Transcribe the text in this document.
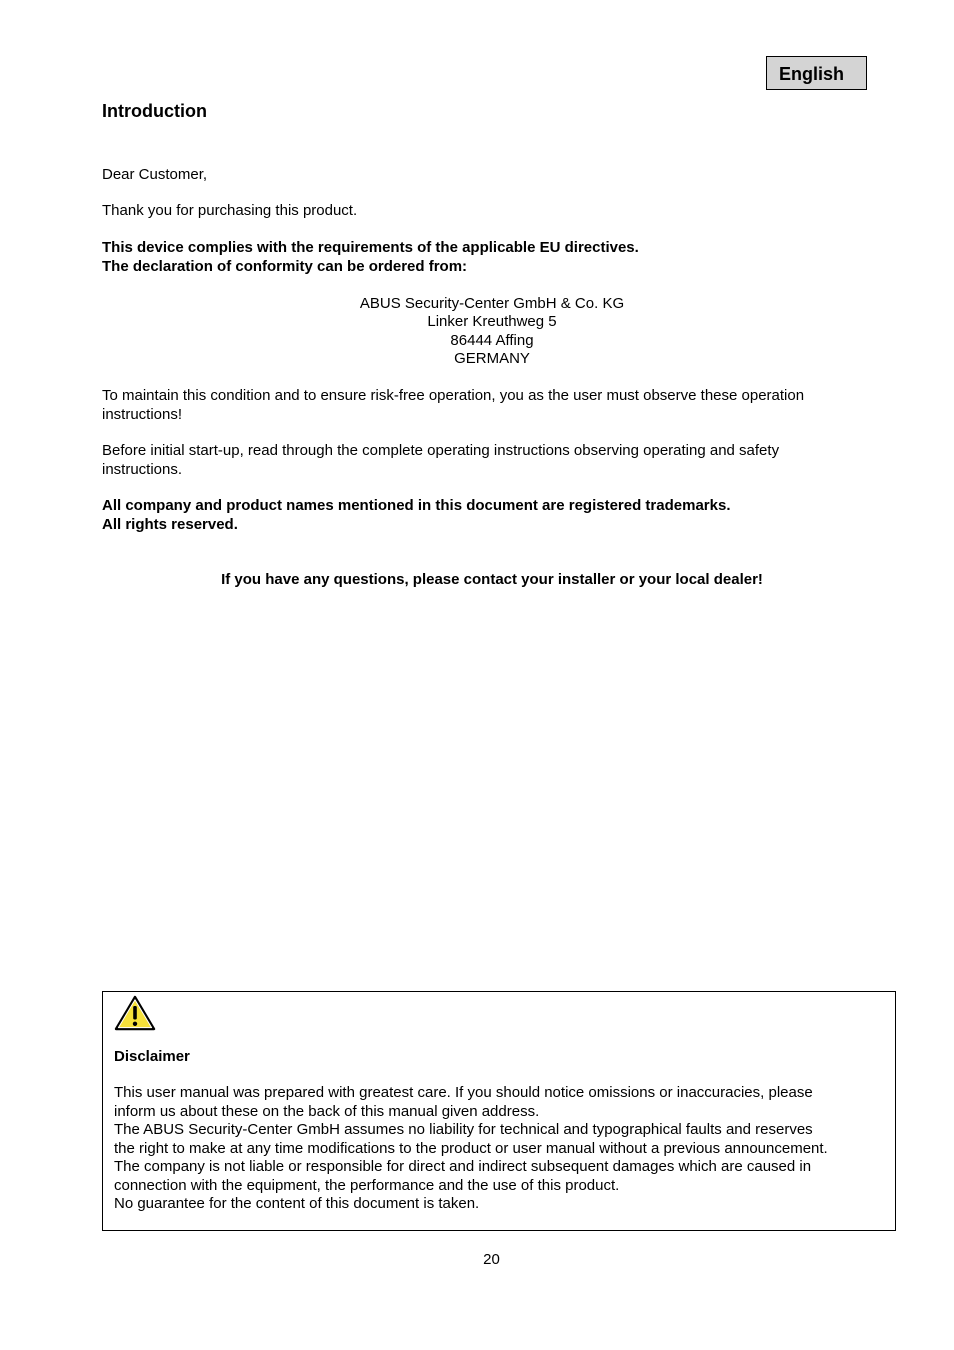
English
Introduction
Dear Customer,
Thank you for purchasing this product.
This device complies with the requirements of the applicable EU directives.
The declaration of conformity can be ordered from:
ABUS Security-Center GmbH & Co. KG
Linker Kreuthweg 5
86444 Affing
GERMANY
To maintain this condition and to ensure risk-free operation, you as the user must observe these operation
instructions!
Before initial start-up, read through the complete operating instructions observing operating and safety
instructions.
All company and product names mentioned in this document are registered trademarks.
All rights reserved.
If you have any questions, please contact your installer or your local dealer!
Disclaimer
This user manual was prepared with greatest care. If you should notice omissions or inaccuracies, please
inform us about these on the back of this manual given address.
The ABUS Security-Center GmbH assumes no liability for technical and typographical faults and reserves
the right to make at any time modifications to the product or user manual without a previous announcement.
The company is not liable or responsible for direct and indirect subsequent damages which are caused in
connection with the equipment, the performance and the use of this product.
No guarantee for the content of this document is taken.
20
